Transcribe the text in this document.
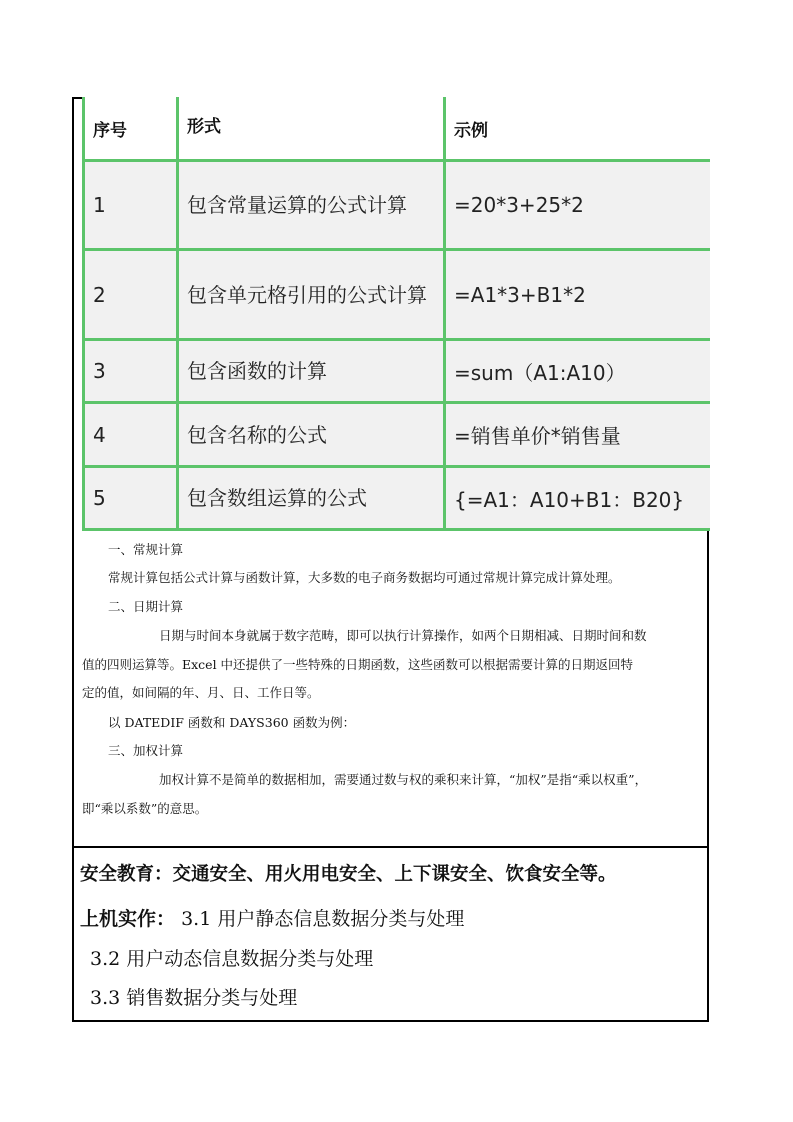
序号	形式	示例
1	包含常量运算的公式计算	=20*3+25*2
2	包含单元格引用的公式计算	=A1*3+B1*2
3	包含函数的计算	=sum（A1:A10）
4	包含名称的公式	=销售单价*销售量
5	包含数组运算的公式	{=A1：A10+B1：B20}
一、常规计算
常规计算包括公式计算与函数计算，大多数的电子商务数据均可通过常规计算完成计算处理。
二、日期计算
日期与时间本身就属于数字范畴，即可以执行计算操作，如两个日期相减、日期时间和数
值的四则运算等。Excel 中还提供了一些特殊的日期函数，这些函数可以根据需要计算的日期返回特
定的值，如间隔的年、月、日、工作日等。
以 DATEDIF 函数和 DAYS360 函数为例：
三、加权计算
加权计算不是简单的数据相加，需要通过数与权的乘积来计算，“加权”是指“乘以权重”，
即“乘以系数”的意思。
安全教育：交通安全、用火用电安全、上下课安全、饮食安全等。
上机实作： 3.1 用户静态信息数据分类与处理
3.2 用户动态信息数据分类与处理
3.3 销售数据分类与处理
